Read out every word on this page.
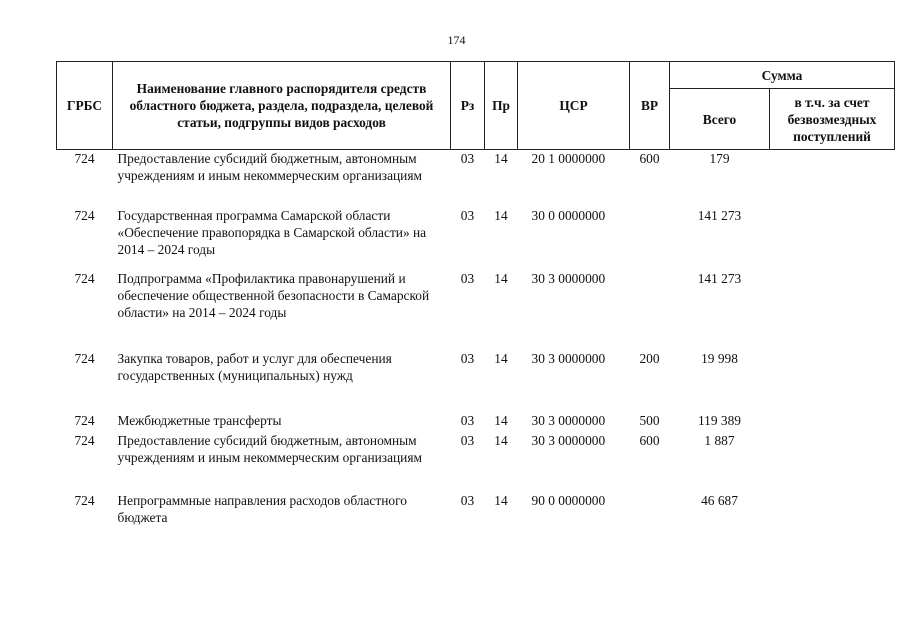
174
ГРБС	Наименование главного распорядителя средств областного бюджета, раздела, подраздела, целевой статьи, подгруппы видов расходов	Рз	Пр	ЦСР	ВР	Сумма	
						Всего	в т.ч. за счет безвозмездных поступлений
724	Предоставление субсидий бюджетным, автономным учреждениям и иным некоммерческим организациям	03	14	20 1 0000000	600	179	
724	Государственная программа Самарской области «Обеспечение правопорядка в Самарской области» на 2014 – 2024 годы	03	14	30 0 0000000		141 273	
724	Подпрограмма «Профилактика правонарушений и обеспечение общественной безопасности в Самарской области» на 2014 – 2024 годы	03	14	30 3 0000000		141 273	
724	Закупка товаров, работ и услуг для обеспечения государственных (муниципальных) нужд	03	14	30 3 0000000	200	19 998	
724	Межбюджетные трансферты	03	14	30 3 0000000	500	119 389	
724	Предоставление субсидий бюджетным, автономным учреждениям и иным некоммерческим организациям	03	14	30 3 0000000	600	1 887	
724	Непрограммные направления расходов областного бюджета	03	14	90 0 0000000		46 687	
